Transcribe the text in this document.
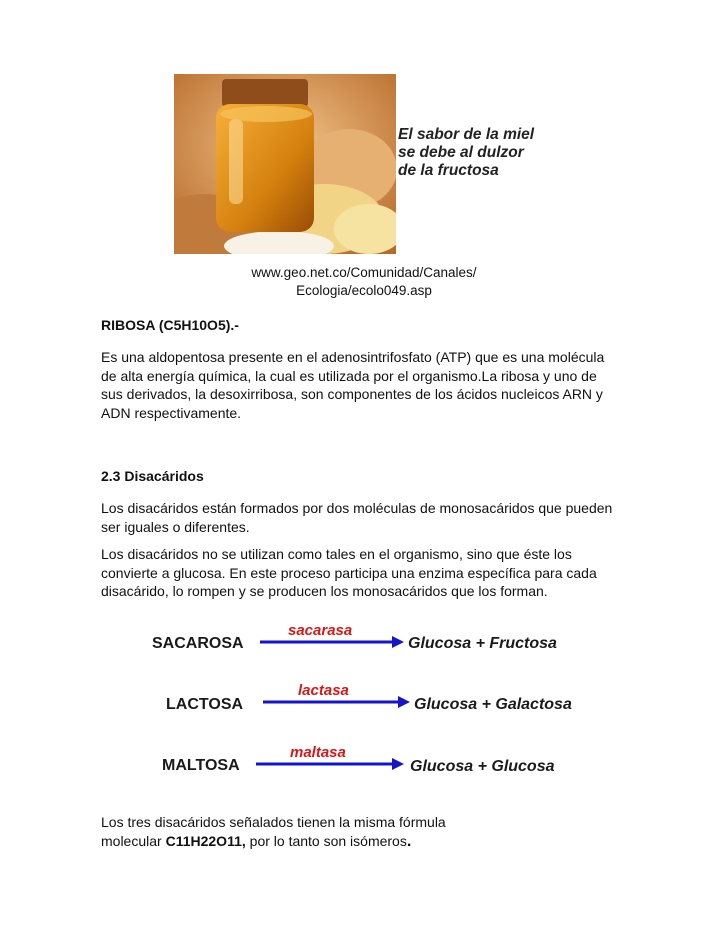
El sabor de la miel
se debe al dulzor
de la fructosa
www.geo.net.co/Comunidad/Canales/
Ecologia/ecolo049.asp
RIBOSA (C5H10O5).-
Es una aldopentosa presente en el adenosintrifosfato (ATP) que es una molécula
de alta energía química, la cual es utilizada por el organismo.La ribosa y uno de
sus derivados, la desoxirribosa, son componentes de los ácidos nucleicos ARN y
ADN respectivamente.
2.3 Disacáridos
Los disacáridos están formados por dos moléculas de monosacáridos que pueden
ser iguales o diferentes.
Los disacáridos no se utilizan como tales en el organismo, sino que éste los
convierte a glucosa. En este proceso participa una enzima específica para cada
disacárido, lo rompen y se producen los monosacáridos que los forman.
SACAROSA
sacarasa
Glucosa + Fructosa
LACTOSA
lactasa
Glucosa + Galactosa
MALTOSA
maltasa
Glucosa + Glucosa
Los tres disacáridos señalados tienen la misma fórmula
molecular C11H22O11, por lo tanto son isómeros.
